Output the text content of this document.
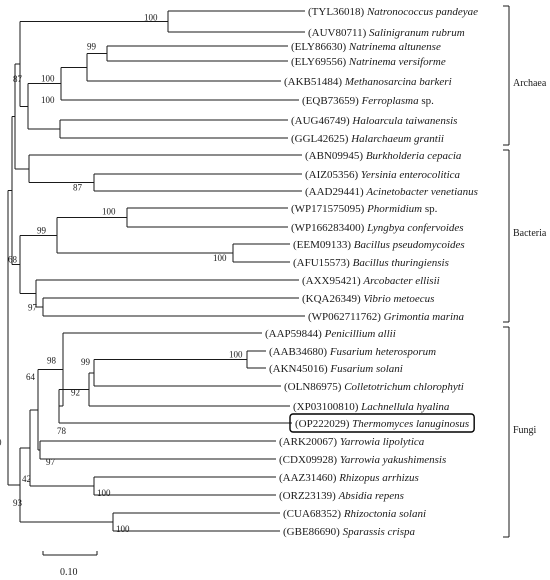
100
99
100
87
87
100
100
99
97
68
100
99
92
78
98
97
64
100
42
100
93
100
(TYL36018) Natronococcus pandeyae
(AUV80711) Salinigranum rubrum
(ELY86630) Natrinema altunense
(ELY69556) Natrinema versiforme
(AKB51484) Methanosarcina barkeri
(EQB73659) Ferroplasma sp.
(AUG46749) Haloarcula taiwanensis
(GGL42625) Halarchaeum grantii
(ABN09945) Burkholderia cepacia
(AIZ05356) Yersinia enterocolitica
(AAD29441) Acinetobacter venetianus
(WP171575095) Phormidium sp.
(WP166283400) Lyngbya confervoides
(EEM09133) Bacillus pseudomycoides
(AFU15573) Bacillus thuringiensis
(AXX95421) Arcobacter ellisii
(KQA26349) Vibrio metoecus
(WP062711762) Grimontia marina
(AAP59844) Penicillium allii
(AAB34680) Fusarium heterosporum
(AKN45016) Fusarium solani
(OLN86975) Colletotrichum chlorophyti
(XP03100810) Lachnellula hyalina
(OP222029) Thermomyces lanuginosus
(ARK20067) Yarrowia lipolytica
(CDX09928) Yarrowia yakushimensis
(AAZ31460) Rhizopus arrhizus
(ORZ23139) Absidia repens
(CUA68352) Rhizoctonia solani
(GBE86690) Sparassis crispa
Archaea
Bacteria
Fungi
0.10
